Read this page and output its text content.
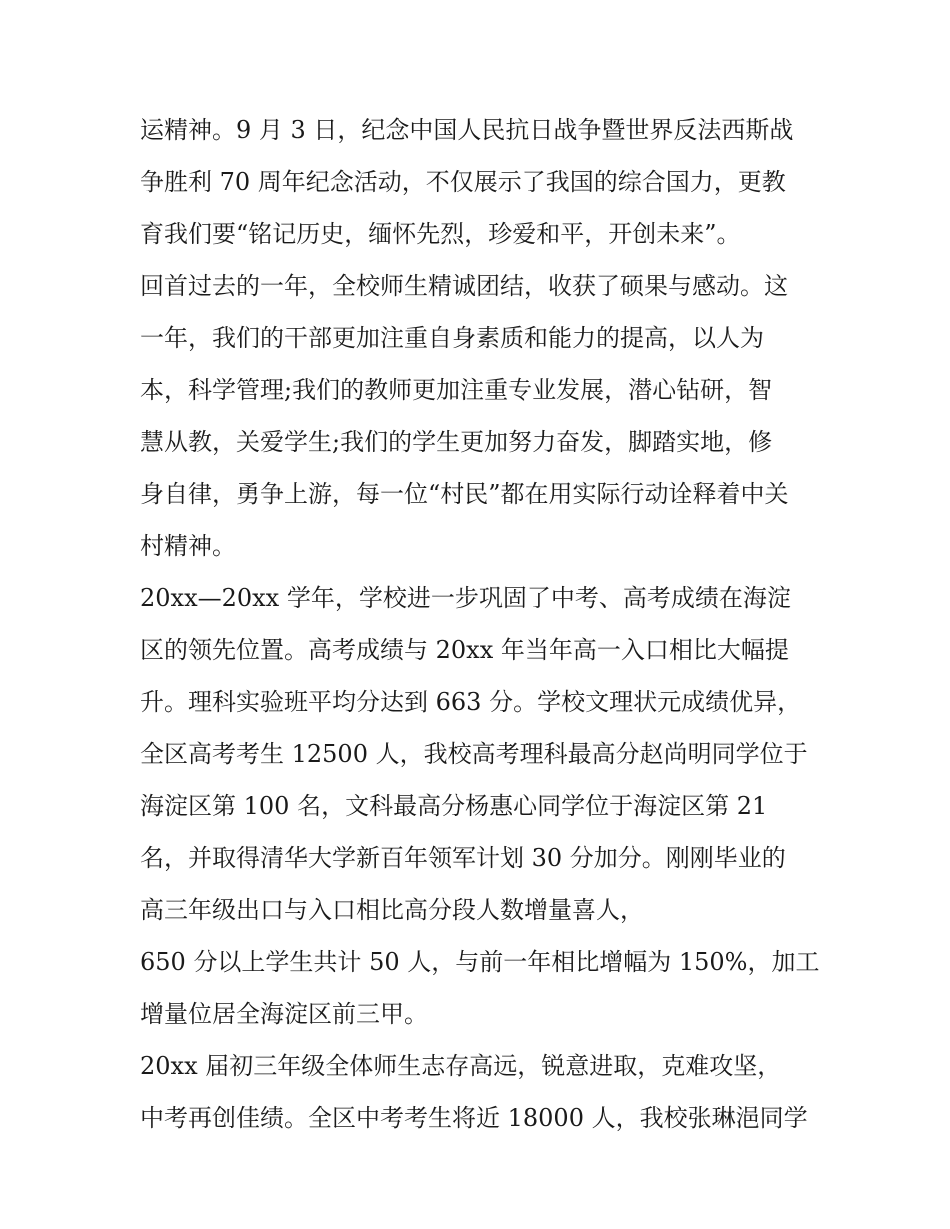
运精神。9 月 3 日，纪念中国人民抗日战争暨世界反法西斯战
争胜利 70 周年纪念活动，不仅展示了我国的综合国力，更教
育我们要“铭记历史，缅怀先烈，珍爱和平，开创未来”。
回首过去的一年，全校师生精诚团结，收获了硕果与感动。这
一年，我们的干部更加注重自身素质和能力的提高，以人为
本，科学管理;我们的教师更加注重专业发展，潜心钻研，智
慧从教，关爱学生;我们的学生更加努力奋发，脚踏实地，修
身自律，勇争上游，每一位“村民”都在用实际行动诠释着中关
村精神。
20xx—20xx 学年，学校进一步巩固了中考、高考成绩在海淀
区的领先位置。高考成绩与 20xx 年当年高一入口相比大幅提
升。理科实验班平均分达到 663 分。学校文理状元成绩优异，
全区高考考生 12500 人，我校高考理科最高分赵尚明同学位于
海淀区第 100 名，文科最高分杨惠心同学位于海淀区第 21
名，并取得清华大学新百年领军计划 30 分加分。刚刚毕业的
高三年级出口与入口相比高分段人数增量喜人，
650 分以上学生共计 50 人，与前一年相比增幅为 150%，加工
增量位居全海淀区前三甲。
20xx 届初三年级全体师生志存高远，锐意进取，克难攻坚，
中考再创佳绩。全区中考考生将近 18000 人，我校张琳浥同学
